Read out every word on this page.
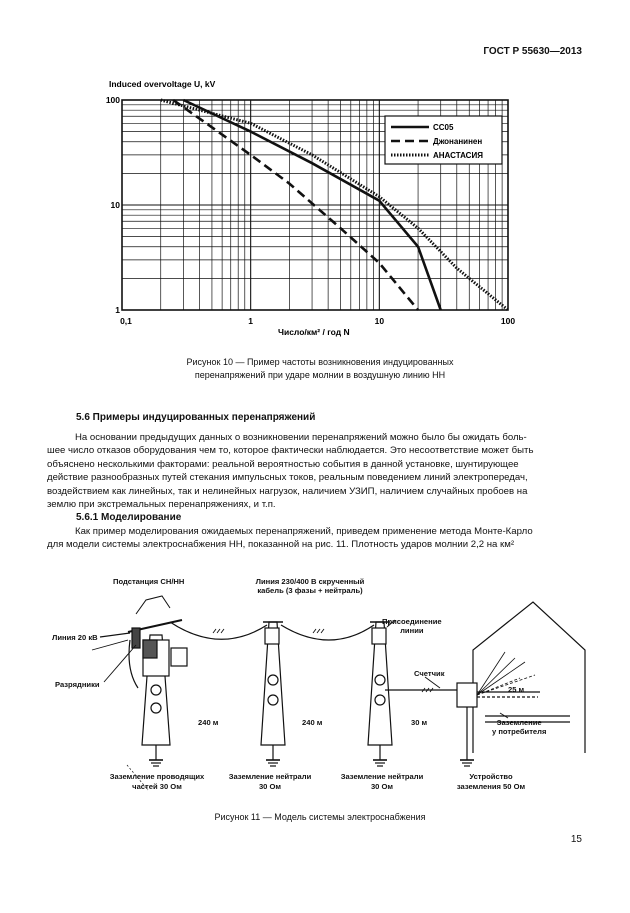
ГОСТ Р 55630—2013
0,1	1	10	100
1
10
100
Induced overvoltage U, kV
Число/км² / год N
CC05
Джонанинен
АНАСТАСИЯ
Рисунок 10 — Пример частоты возникновения индуцированных
перенапряжений при ударе молнии в воздушную линию НН
5.6 Примеры индуцированных перенапряжений
На основании предыдущих данных о возникновении перенапряжений можно было бы ожидать боль-
шее число отказов оборудования чем то, которое фактически наблюдается. Это несоответствие может быть
объяснено несколькими факторами: реальной вероятностью события в данной установке, шунтирующее
действие разнообразных путей стекания импульсных токов, реальным поведением линий электропередач,
воздействием как линейных, так и нелинейных нагрузок, наличием УЗИП, наличием случайных пробоев на
землю при экстремальных перенапряжениях, и т.п.
5.6.1 Моделирование
Как пример моделирования ожидаемых перенапряжений, приведем применение метода Монте-Карло
для модели системы электроснабжения НН, показанной на рис. 11. Плотность ударов молнии 2,2 на км²
Подстанция СН/НН	Линия 230/400 В скрученный
кабель (3 фазы + нейтраль)
Линия 20 кВ
Разрядники
Присоединение
линии
Счетчик
240 м	240 м	30 м
25 м
Заземление
у потребителя
Заземление проводящих
частей 30 Ом
Заземление нейтрали
30 Ом
Заземление нейтрали
30 Ом
Устройство
заземления 50 Ом
Рисунок 11 — Модель системы электроснабжения
15
